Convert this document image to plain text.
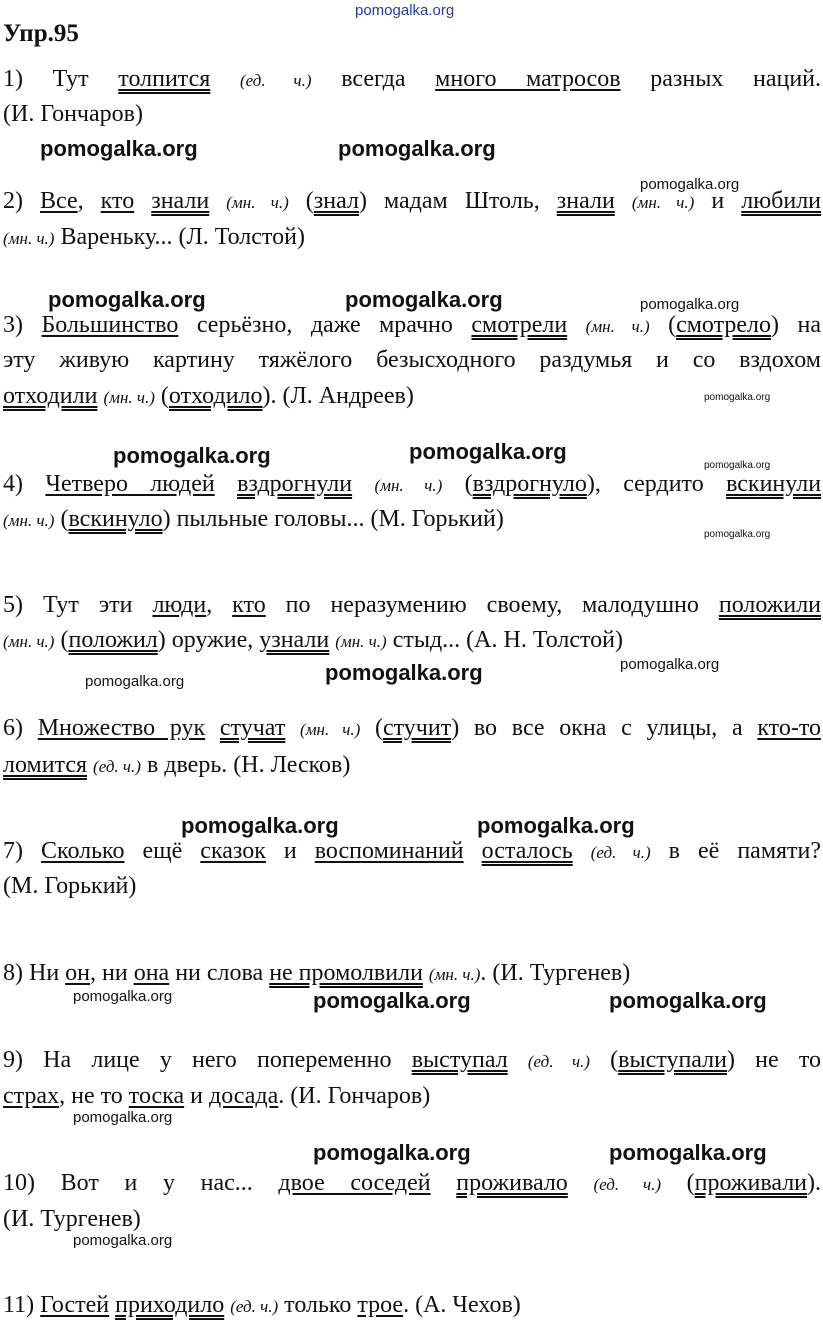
pomogalka.org
Упр.95
1) Тут толпится (ед. ч.) всегда много матросов разных наций.
(И. Гончаров)
2) Все, кто знали (мн. ч.) (знал) мадам Штоль, знали (мн. ч.) и любили
(мн. ч.) Вареньку... (Л. Толстой)
3) Большинство серьёзно, даже мрачно смотрели (мн. ч.) (смотрело) на
эту живую картину тяжёлого безысходного раздумья и со вздохом
отходили (мн. ч.) (отходило). (Л. Андреев)
4) Четверо людей вздрогнули (мн. ч.) (вздрогнуло), сердито вскинули
(мн. ч.) (вскинуло) пыльные головы... (М. Горький)
5) Тут эти люди, кто по неразумению своему, малодушно положили
(мн. ч.) (положил) оружие, узнали (мн. ч.) стыд... (А. Н. Толстой)
6) Множество рук стучат (мн. ч.) (стучит) во все окна с улицы, а кто-то
ломится (ед. ч.) в дверь. (Н. Лесков)
7) Сколько ещё сказок и воспоминаний осталось (ед. ч.) в её памяти?
(М. Горький)
8) Ни он, ни она ни слова не промолвили (мн. ч.). (И. Тургенев)
9) На лице у него попеременно выступал (ед. ч.) (выступали) не то
страх, не то тоска и досада. (И. Гончаров)
10) Вот и у нас... двое соседей проживало (ед. ч.) (проживали).
(И. Тургенев)
11) Гостей приходило (ед. ч.) только трое. (А. Чехов)
pomogalka.org	pomogalka.org
pomogalka.org
pomogalka.org	pomogalka.org	pomogalka.org
pomogalka.org
pomogalka.org	pomogalka.org
pomogalka.org
pomogalka.org
pomogalka.org
pomogalka.org
pomogalka.org
pomogalka.org	pomogalka.org
pomogalka.org	pomogalka.org	pomogalka.org
pomogalka.org
pomogalka.org	pomogalka.org
pomogalka.org
